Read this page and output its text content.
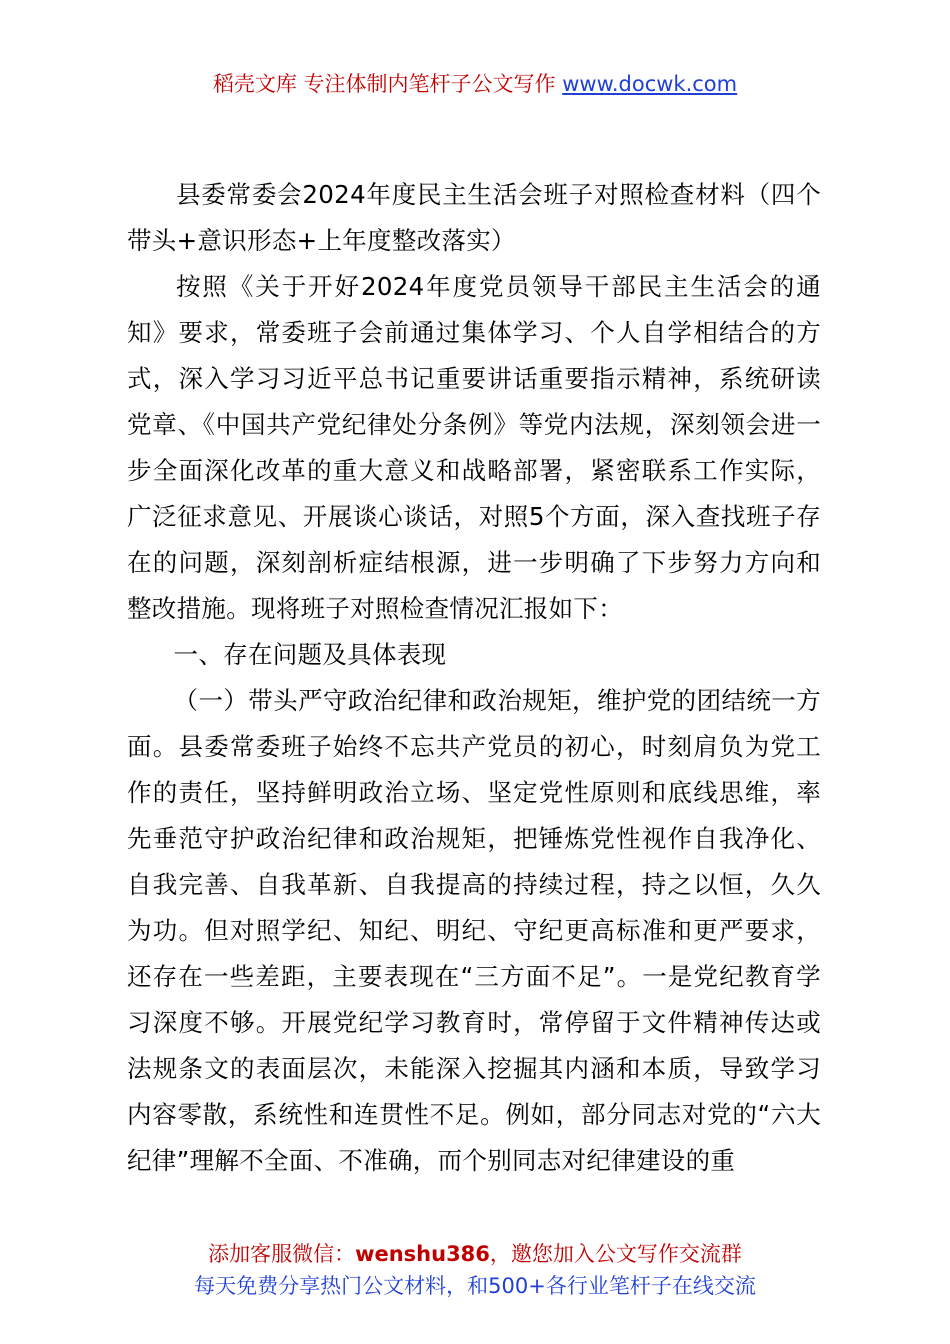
稻壳文库 专注体制内笔杆子公文写作 www.docwk.com

县委常委会2024年度民主生活会班子对照检查材料（四个带头+意识形态+上年度整改落实）

按照《关于开好2024年度党员领导干部民主生活会的通知》要求，常委班子会前通过集体学习、个人自学相结合的方式，深入学习习近平总书记重要讲话重要指示精神，系统研读党章、《中国共产党纪律处分条例》等党内法规，深刻领会进一步全面深化改革的重大意义和战略部署，紧密联系工作实际，广泛征求意见、开展谈心谈话，对照5个方面，深入查找班子存在的问题，深刻剖析症结根源，进一步明确了下步努力方向和整改措施。现将班子对照检查情况汇报如下：

一、存在问题及具体表现

（一）带头严守政治纪律和政治规矩，维护党的团结统一方面。县委常委班子始终不忘共产党员的初心，时刻肩负为党工作的责任，坚持鲜明政治立场、坚定党性原则和底线思维，率先垂范守护政治纪律和政治规矩，把锤炼党性视作自我净化、自我完善、自我革新、自我提高的持续过程，持之以恒，久久为功。但对照学纪、知纪、明纪、守纪更高标准和更严要求，还存在一些差距，主要表现在“三方面不足”。一是党纪教育学习深度不够。开展党纪学习教育时，常停留于文件精神传达或法规条文的表面层次，未能深入挖掘其内涵和本质，导致学习内容零散，系统性和连贯性不足。例如，部分同志对党的“六大纪律”理解不全面、不准确，而个别同志对纪律建设的重

添加客服微信：wenshu386，邀您加入公文写作交流群
每天免费分享热门公文材料，和500+各行业笔杆子在线交流
